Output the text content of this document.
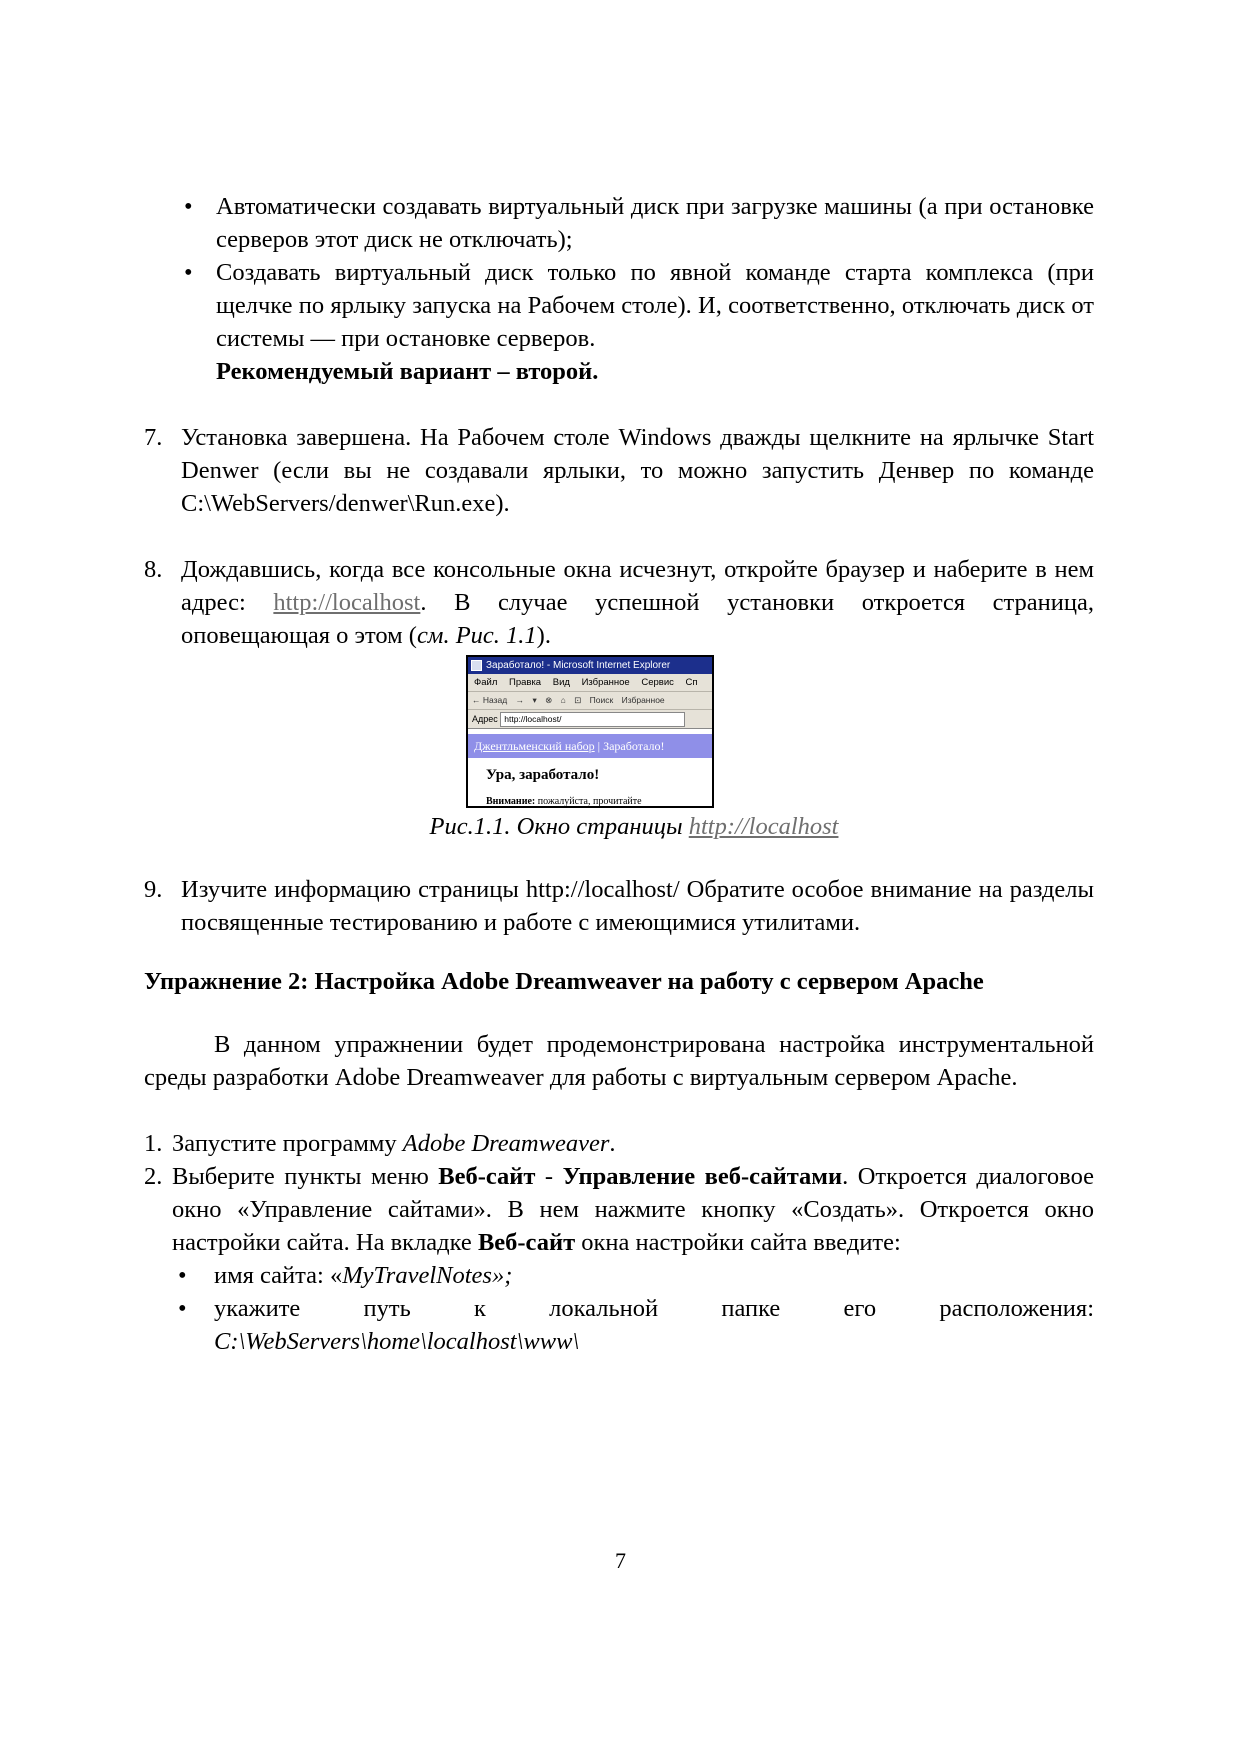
• Автоматически создавать виртуальный диск при загрузке машины (а при остановке серверов этот диск не отключать);
• Создавать виртуальный диск только по явной команде старта комплекса (при щелчке по ярлыку запуска на Рабочем столе). И, соответственно, отключать диск от системы — при остановке серверов.
Рекомендуемый вариант – второй.

7. Установка завершена. На Рабочем столе Windows дважды щелкните на ярлычке Start Denwer (если вы не создавали ярлыки, то можно запустить Денвер по команде C:\WebServers/denwer\Run.exe).

8. Дождавшись, когда все консольные окна исчезнут, откройте браузер и наберите в нем адрес: http://localhost. В случае успешной установки откроется страница, оповещающая о этом (см. Рис. 1.1).

Заработало! - Microsoft Internet Explorer
Файл Правка Вид Избранное Сервис Сп
← Назад → ▾ ⊗ ⌂ ⊡ Поиск Избранное
Адрес http://localhost/
Джентльменский набор | Заработало!
Ура, заработало!
Внимание: пожалуйста, прочитайте
Рис.1.1. Окно страницы http://localhost

9. Изучите информацию страницы http://localhost/ Обратите особое внимание на разделы посвященные тестированию и работе с имеющимися утилитами.

Упражнение 2: Настройка Adobe Dreamweaver на работу с сервером Apache

В данном упражнении будет продемонстрирована настройка инструментальной среды разработки Adobe Dreamweaver для работы с виртуальным сервером Apache.

1. Запустите программу Adobe Dreamweaver.

2. Выберите пункты меню Веб-сайт - Управление веб-сайтами. Откроется диалоговое окно «Управление сайтами». В нем нажмите кнопку «Создать». Откроется окно настройки сайта. На вкладке Веб-сайт окна настройки сайта введите:

• имя сайта: «MyTravelNotes»;
• укажите путь к локальной папке его расположения: C:\WebServers\home\localhost\www\
7
